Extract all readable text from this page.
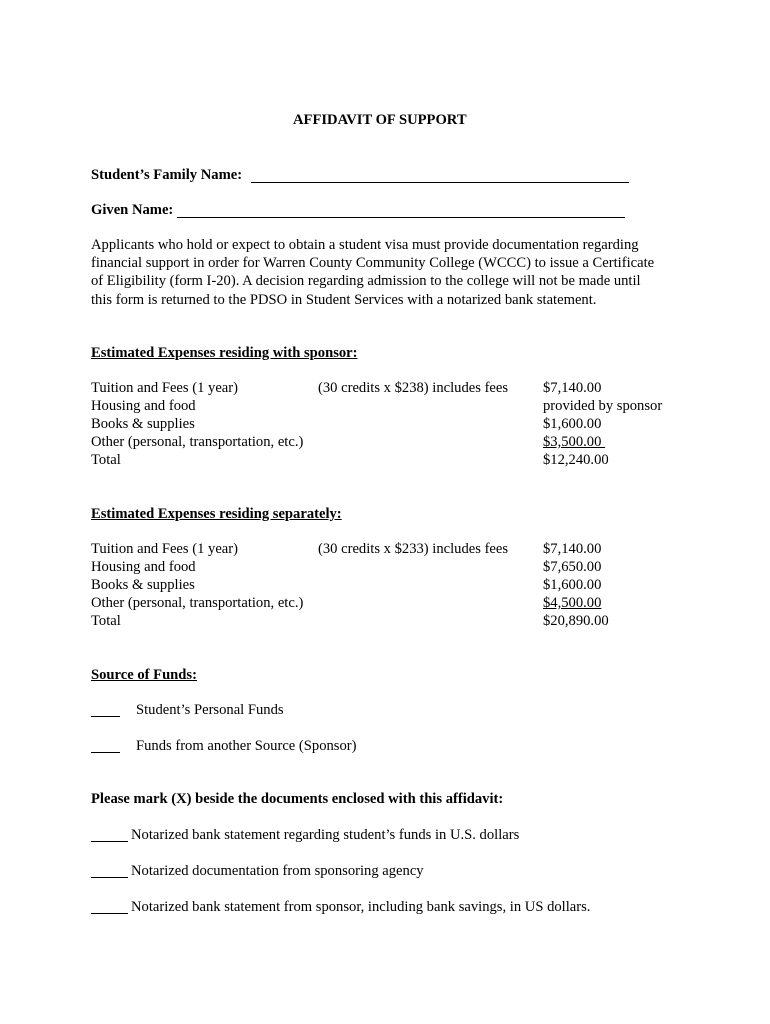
AFFIDAVIT OF SUPPORT
Student’s Family Name:
Given Name:
Applicants who hold or expect to obtain a student visa must provide documentation regarding
financial support in order for Warren County Community College (WCCC) to issue a Certificate
of Eligibility (form I-20). A decision regarding admission to the college will not be made until
this form is returned to the PDSO in Student Services with a notarized bank statement.
Estimated Expenses residing with sponsor:
Tuition and Fees (1 year)	(30 credits x $238) includes fees $7,140.00
Housing and food	provided by sponsor
Books & supplies	$1,600.00
Other (personal, transportation, etc.)	$3,500.00
Total	$12,240.00
Estimated Expenses residing separately:
Tuition and Fees (1 year)	(30 credits x $233) includes fees $7,140.00
Housing and food	$7,650.00
Books & supplies	$1,600.00
Other (personal, transportation, etc.)	$4,500.00
Total	$20,890.00
Source of Funds:
Student’s Personal Funds
Funds from another Source (Sponsor)
Please mark (X) beside the documents enclosed with this affidavit:
Notarized bank statement regarding student’s funds in U.S. dollars
Notarized documentation from sponsoring agency
Notarized bank statement from sponsor, including bank savings, in US dollars.
